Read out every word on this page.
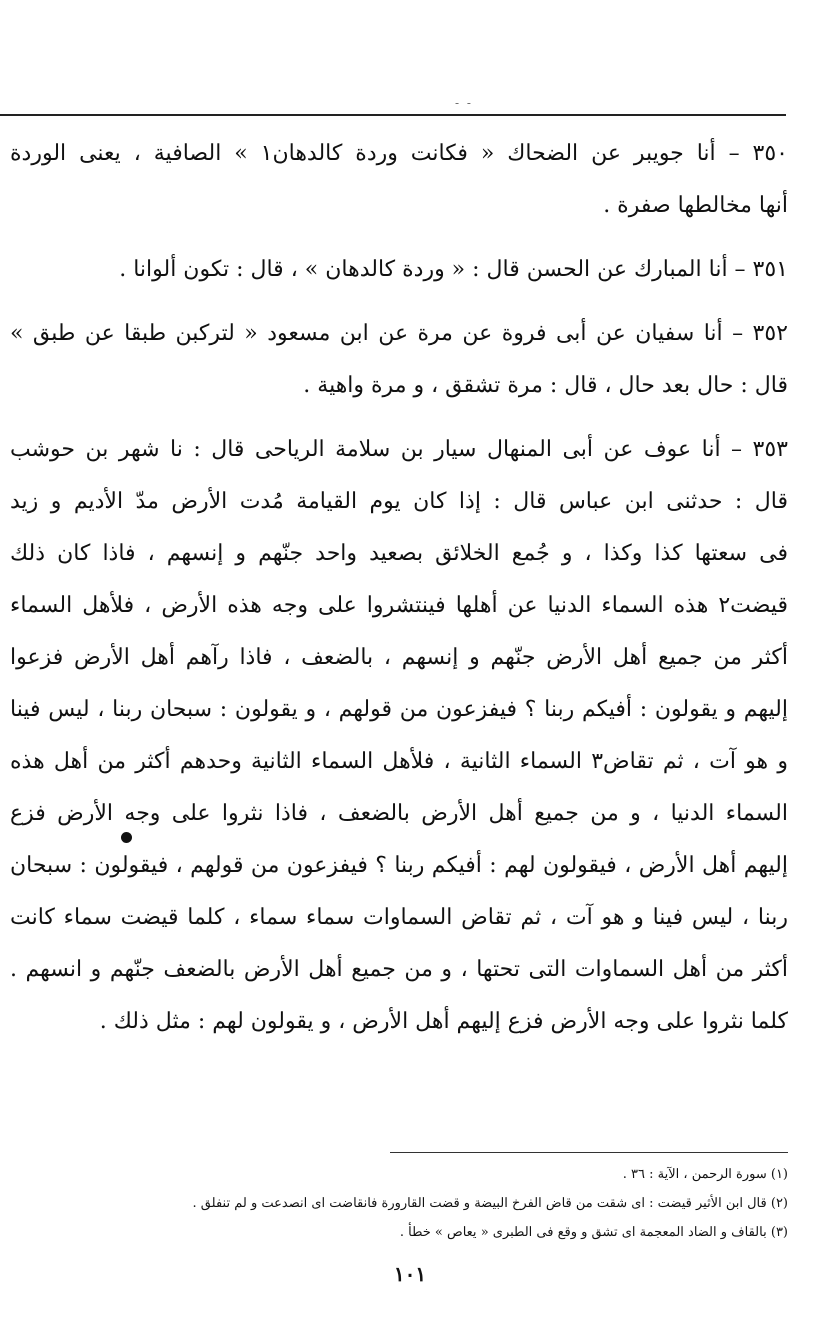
- -
٣٥٠ – أنا جويبر عن الضحاك « فكانت وردة كالدهان١ » الصافية ، يعنى الوردة
أنها مخالطها صفرة .
٣٥١ – أنا المبارك عن الحسن قال : « وردة كالدهان » ، قال : تكون ألوانا .
٣٥٢ – أنا سفيان عن أبى فروة عن مرة عن ابن مسعود « لتركبن طبقا عن طبق »
قال : حال بعد حال ، قال : مرة تشقق ، و مرة واهية .
٣٥٣ – أنا عوف عن أبى المنهال سيار بن سلامة الرياحى قال : نا شهر بن حوشب
قال : حدثنى ابن عباس قال : إذا كان يوم القيامة مُدت الأرض مدّ الأديم و زيد
فى سعتها كذا وكذا ، و جُمع الخلائق بصعيد واحد جنّهم و إنسهم ، فاذا كان ذلك
قيضت٢ هذه السماء الدنيا عن أهلها فينتشروا على وجه هذه الأرض ، فلأهل السماء
أكثر من جميع أهل الأرض جنّهم و إنسهم ، بالضعف ، فاذا رآهم أهل الأرض فزعوا
إليهم و يقولون : أفيكم ربنا ؟ فيفزعون من قولهم ، و يقولون : سبحان ربنا ، ليس فينا
و هو آت ، ثم تقاض٣ السماء الثانية ، فلأهل السماء الثانية وحدهم أكثر من أهل هذه
السماء الدنيا ، و من جميع أهل الأرض بالضعف ، فاذا نثروا على وجه الأرض فزع
إليهم أهل الأرض ، فيقولون لهم : أفيكم ربنا ؟ فيفزعون من قولهم ، فيقولون : سبحان
ربنا ، ليس فينا و هو آت ، ثم تقاض السماوات سماء سماء ، كلما قيضت سماء كانت
أكثر من أهل السماوات التى تحتها ، و من جميع أهل الأرض بالضعف جنّهم و انسهم .
كلما نثروا على وجه الأرض فزع إليهم أهل الأرض ، و يقولون لهم : مثل ذلك .
(١) سورة الرحمن ، الآية : ٣٦ .
(٢) قال ابن الأثير قيضت : اى شقت من قاض الفرخ البيضة و قضت القارورة فانقاضت اى انصدعت و لم تنفلق .
(٣) بالقاف و الضاد المعجمة اى تشق و وقع فى الطبرى « يعاص » خطأ .
١٠١
